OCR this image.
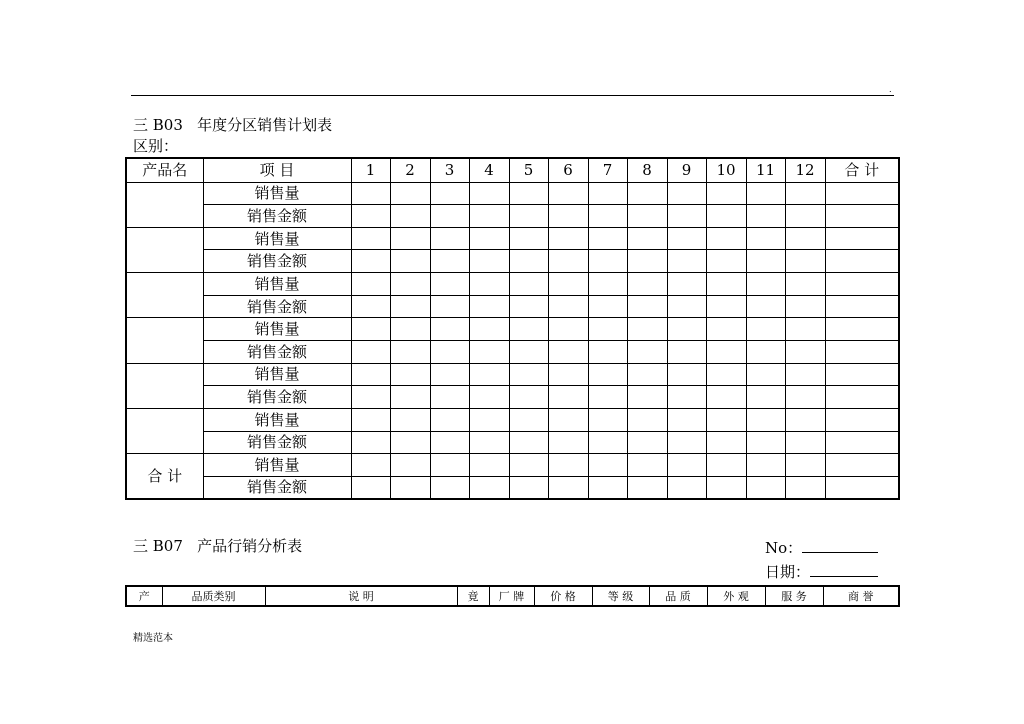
.
三 B03   年度分区销售计划表
区别：
产品名	项 目	1	2	3	4	5	6	7	8	9	10	11	12	合 计
	销售量													
	销售金额													
	销售量													
	销售金额													
	销售量													
	销售金额													
	销售量													
	销售金额													
	销售量													
	销售金额													
	销售量													
	销售金额													
合 计	销售量													
	销售金额													
三 B07   产品行销分析表	No：
日期：
产	品质类别	说 明	竟	厂 牌	价 格	等 级	品 质	外 观	服 务	商 誉
精选范本
